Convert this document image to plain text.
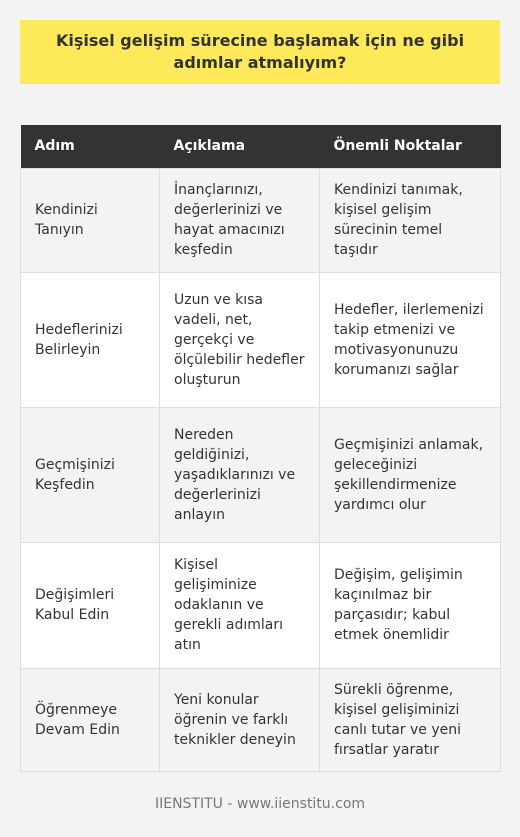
Kişisel gelişim sürecine başlamak için ne gibi adımlar atmalıyım?
Adım	Açıklama	Önemli Noktalar
Kendinizi Tanıyın	İnançlarınızı, değerlerinizi ve hayat amacınızı keşfedin	Kendinizi tanımak, kişisel gelişim sürecinin temel taşıdır
Hedeflerinizi Belirleyin	Uzun ve kısa vadeli, net, gerçekçi ve ölçülebilir hedefler oluşturun	Hedefler, ilerlemenizi takip etmenizi ve motivasyonunuzu korumanızı sağlar
Geçmişinizi Keşfedin	Nereden geldiğinizi, yaşadıklarınızı ve değerlerinizi anlayın	Geçmişinizi anlamak, geleceğinizi şekillendirmenize yardımcı olur
Değişimleri Kabul Edin	Kişisel gelişiminize odaklanın ve gerekli adımları atın	Değişim, gelişimin kaçınılmaz bir parçasıdır; kabul etmek önemlidir
Öğrenmeye Devam Edin	Yeni konular öğrenin ve farklı teknikler deneyin	Sürekli öğrenme, kişisel gelişiminizi canlı tutar ve yeni fırsatlar yaratır
IIENSTITU - www.iienstitu.com
